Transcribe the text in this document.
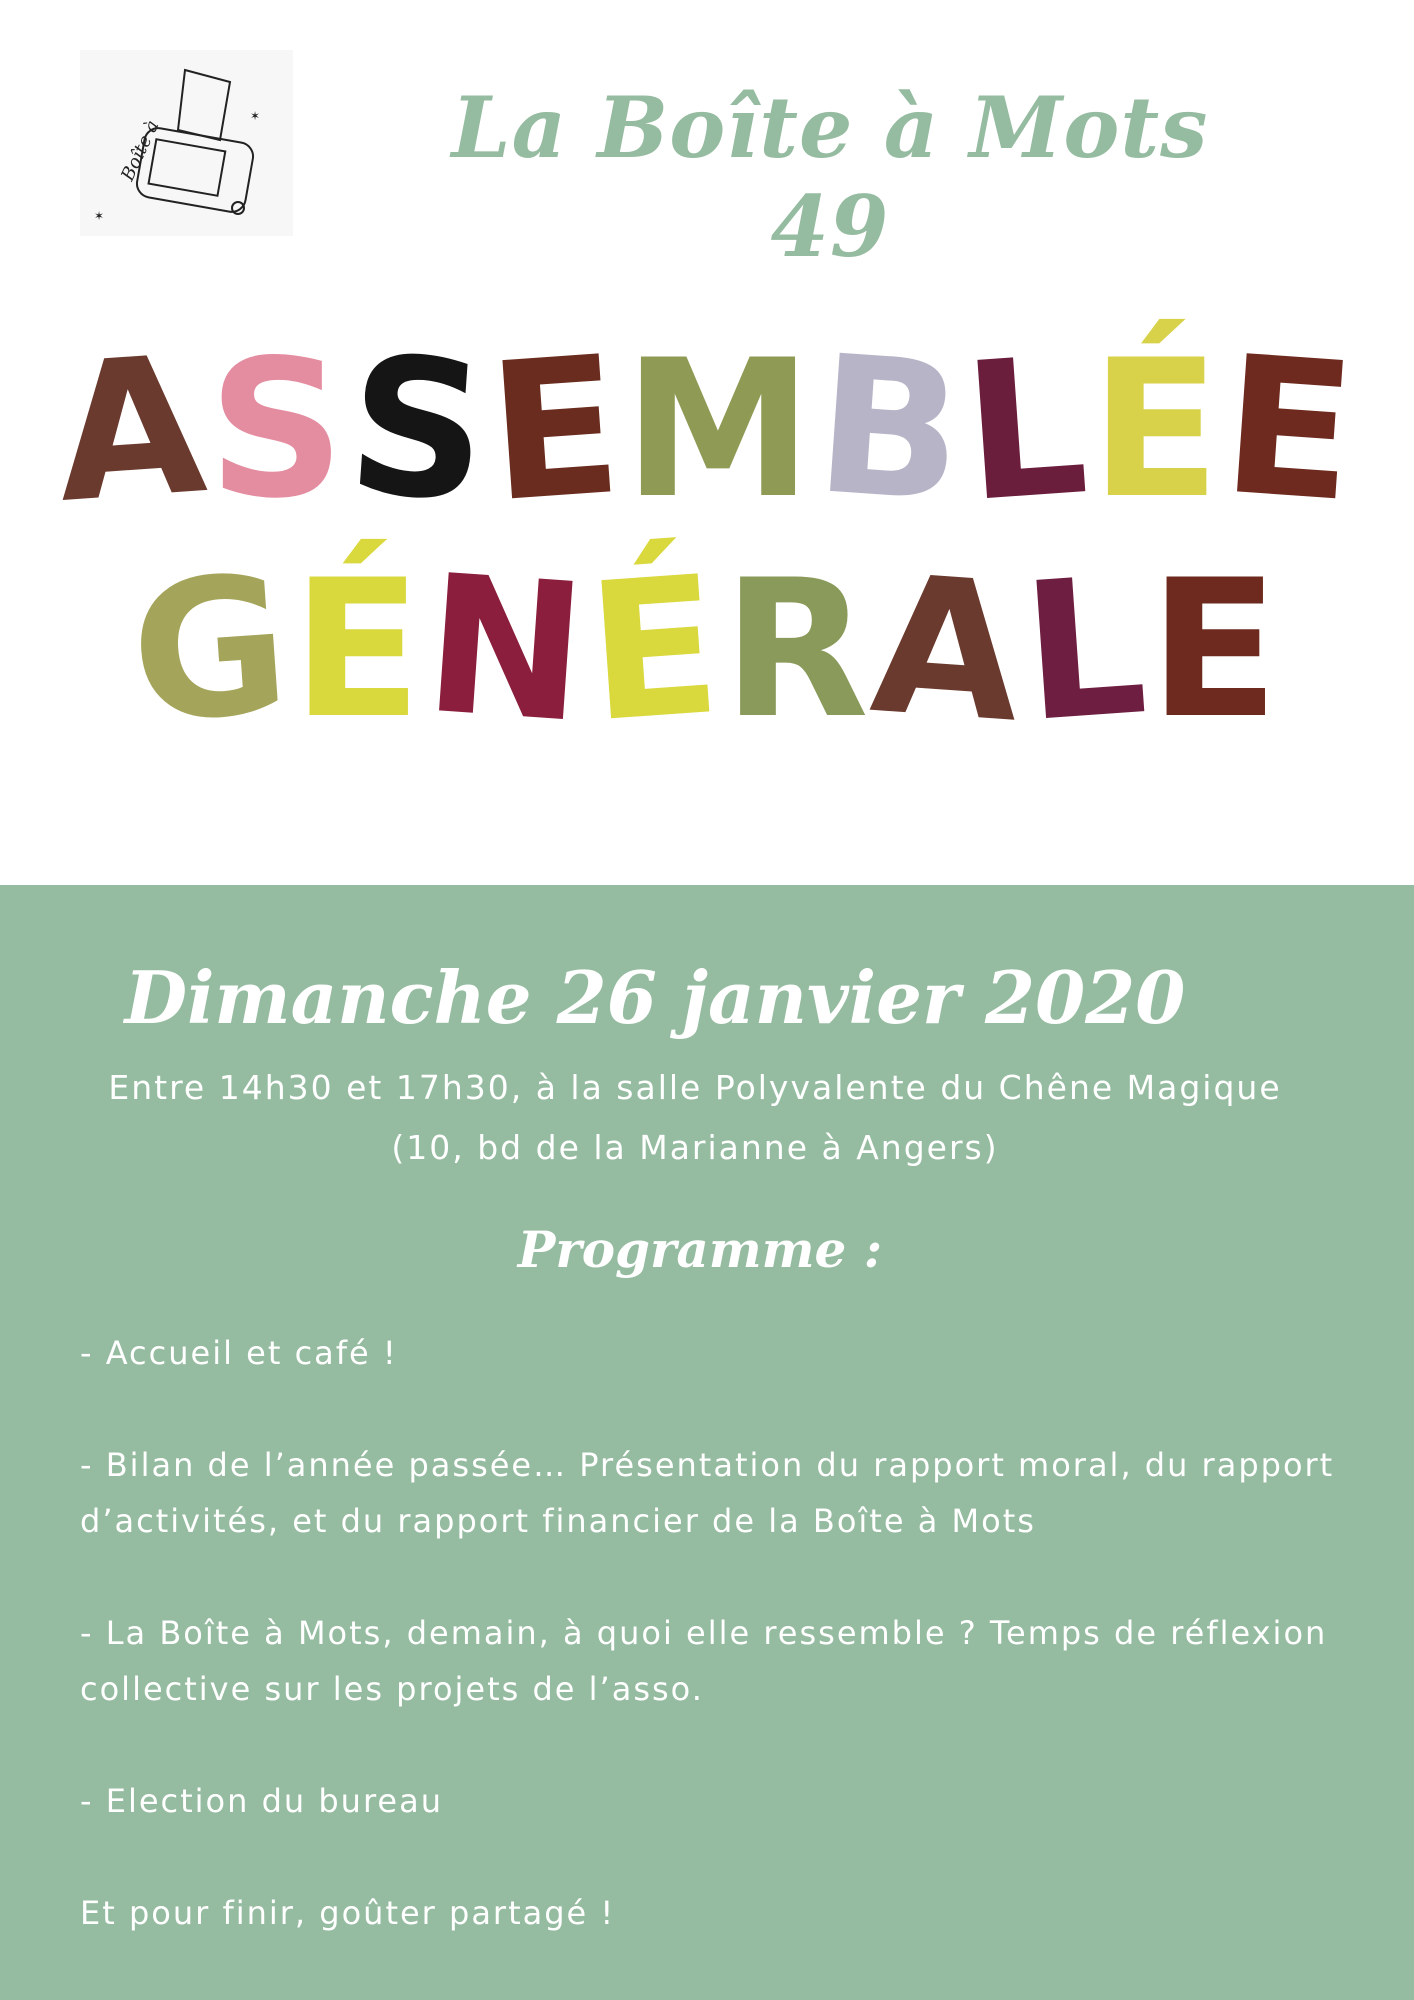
Boîte à
✶
✶	La Boîte à Mots 49
A
S
S
E
M
B
L
É
E
G
É
N
É
R
A
L
E
Dimanche 26 janvier 2020
Entre 14h30 et 17h30, à la salle Polyvalente du Chêne Magique
(10, bd de la Marianne à Angers)
Programme :

- Accueil et café !

- Bilan de l’année passée… Présentation du rapport moral, du rapport d’activités, et du rapport financier de la Boîte à Mots

- La Boîte à Mots, demain, à quoi elle ressemble ? Temps de réflexion collective sur les projets de l’asso.

- Election du bureau

Et pour finir, goûter partagé !
